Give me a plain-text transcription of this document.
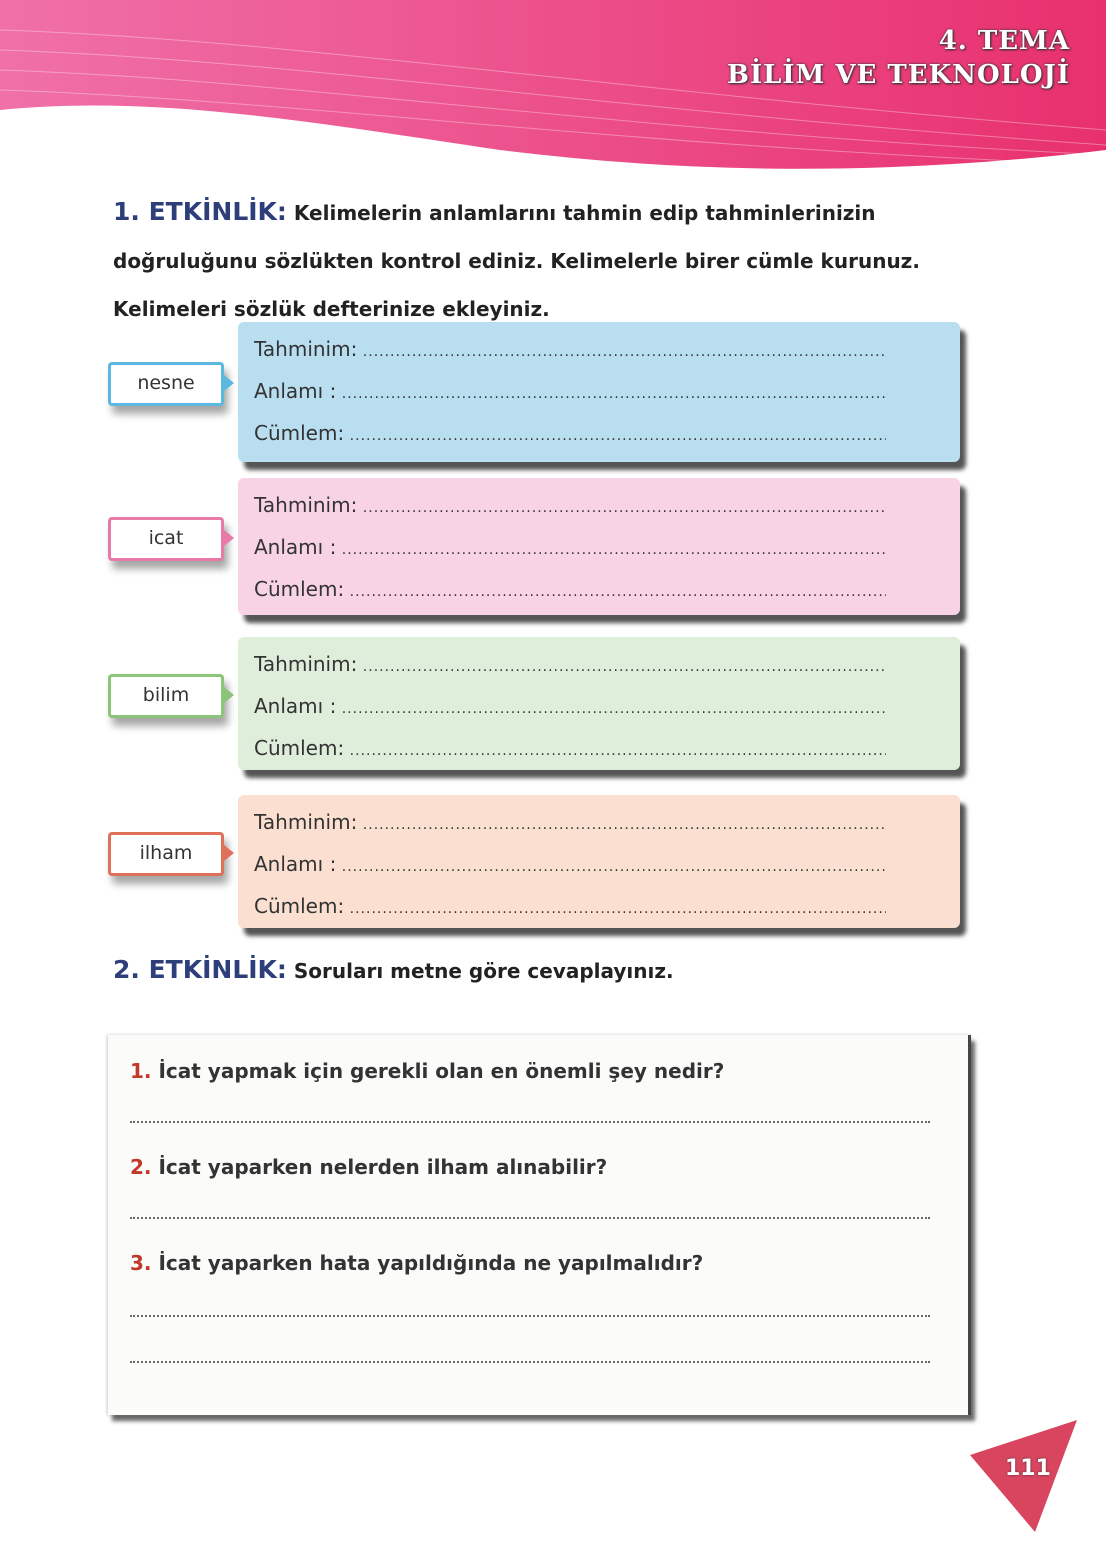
4. TEMA
BİLİM VE TEKNOLOJİ
1. ETKİNLİK: Kelimelerin anlamlarını tahmin edip tahminlerinizin doğruluğunu sözlükten kontrol ediniz. Kelimelerle birer cümle kurunuz. Kelimeleri sözlük defterinize ekleyiniz.
nesne
Tahminim: .....
Anlamı : .....
Cümlem: .....
icat
Tahminim: .....
Anlamı : .....
Cümlem: .....
bilim
Tahminim: .....
Anlamı : .....
Cümlem: .....
ilham
Tahminim: .....
Anlamı : .....
Cümlem: .....
2. ETKİNLİK: Soruları metne göre cevaplayınız.
1. İcat yapmak için gerekli olan en önemli şey nedir?
2. İcat yaparken nelerden ilham alınabilir?
3. İcat yaparken hata yapıldığında ne yapılmalıdır?
111
